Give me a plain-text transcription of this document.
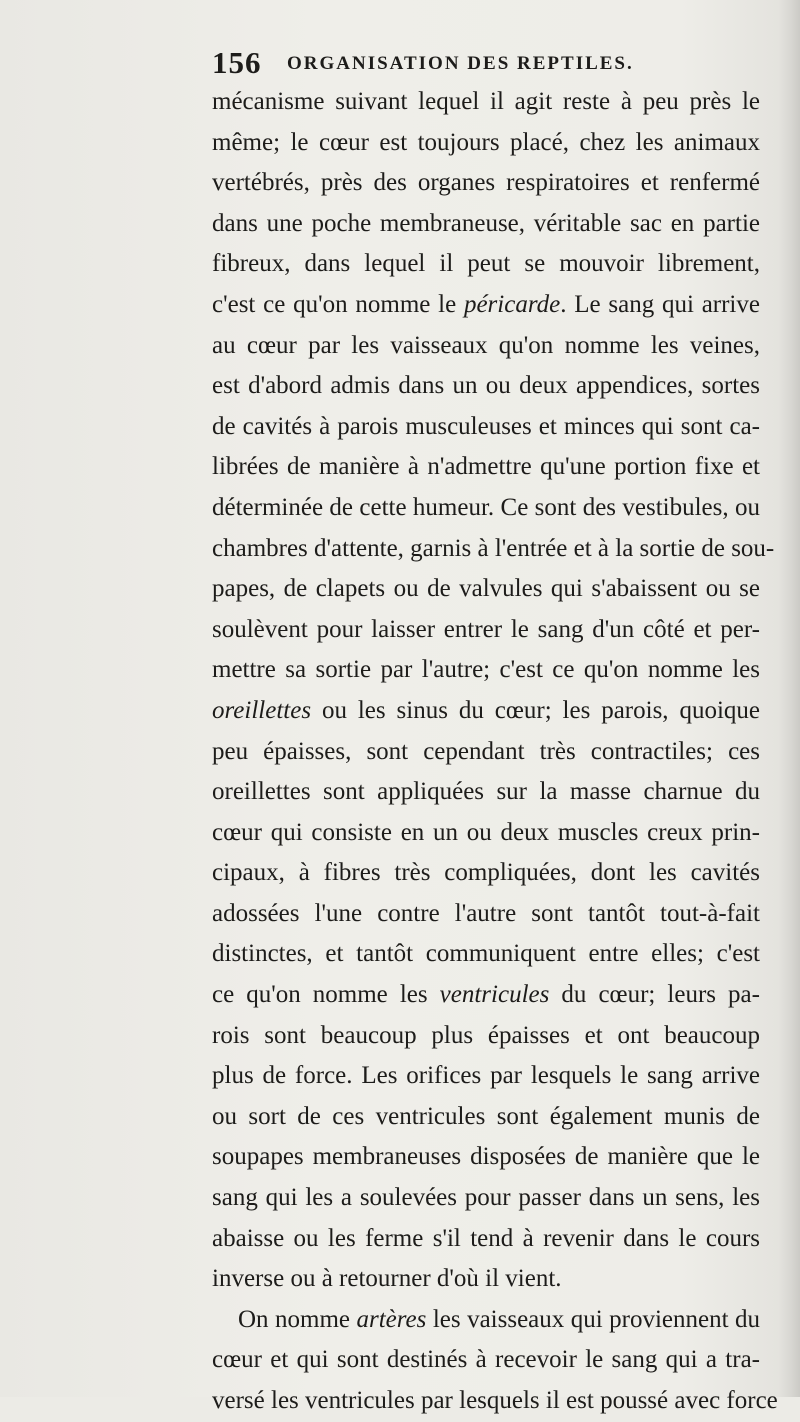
156 ORGANISATION DES REPTILES.
mécanisme suivant lequel il agit reste à peu près le
même; le cœur est toujours placé, chez les animaux
vertébrés, près des organes respiratoires et renfermé
dans une poche membraneuse, véritable sac en partie
fibreux, dans lequel il peut se mouvoir librement,
c'est ce qu'on nomme le péricarde. Le sang qui arrive
au cœur par les vaisseaux qu'on nomme les veines,
est d'abord admis dans un ou deux appendices, sortes
de cavités à parois musculeuses et minces qui sont ca-
librées de manière à n'admettre qu'une portion fixe et
déterminée de cette humeur. Ce sont des vestibules, ou
chambres d'attente, garnis à l'entrée et à la sortie de sou-
papes, de clapets ou de valvules qui s'abaissent ou se
soulèvent pour laisser entrer le sang d'un côté et per-
mettre sa sortie par l'autre; c'est ce qu'on nomme les
oreillettes ou les sinus du cœur; les parois, quoique
peu épaisses, sont cependant très contractiles; ces
oreillettes sont appliquées sur la masse charnue du
cœur qui consiste en un ou deux muscles creux prin-
cipaux, à fibres très compliquées, dont les cavités
adossées l'une contre l'autre sont tantôt tout-à-fait
distinctes, et tantôt communiquent entre elles; c'est
ce qu'on nomme les ventricules du cœur; leurs pa-
rois sont beaucoup plus épaisses et ont beaucoup
plus de force. Les orifices par lesquels le sang arrive
ou sort de ces ventricules sont également munis de
soupapes membraneuses disposées de manière que le
sang qui les a soulevées pour passer dans un sens, les
abaisse ou les ferme s'il tend à revenir dans le cours
inverse ou à retourner d'où il vient.
On nomme artères les vaisseaux qui proviennent du
cœur et qui sont destinés à recevoir le sang qui a tra-
versé les ventricules par lesquels il est poussé avec force
